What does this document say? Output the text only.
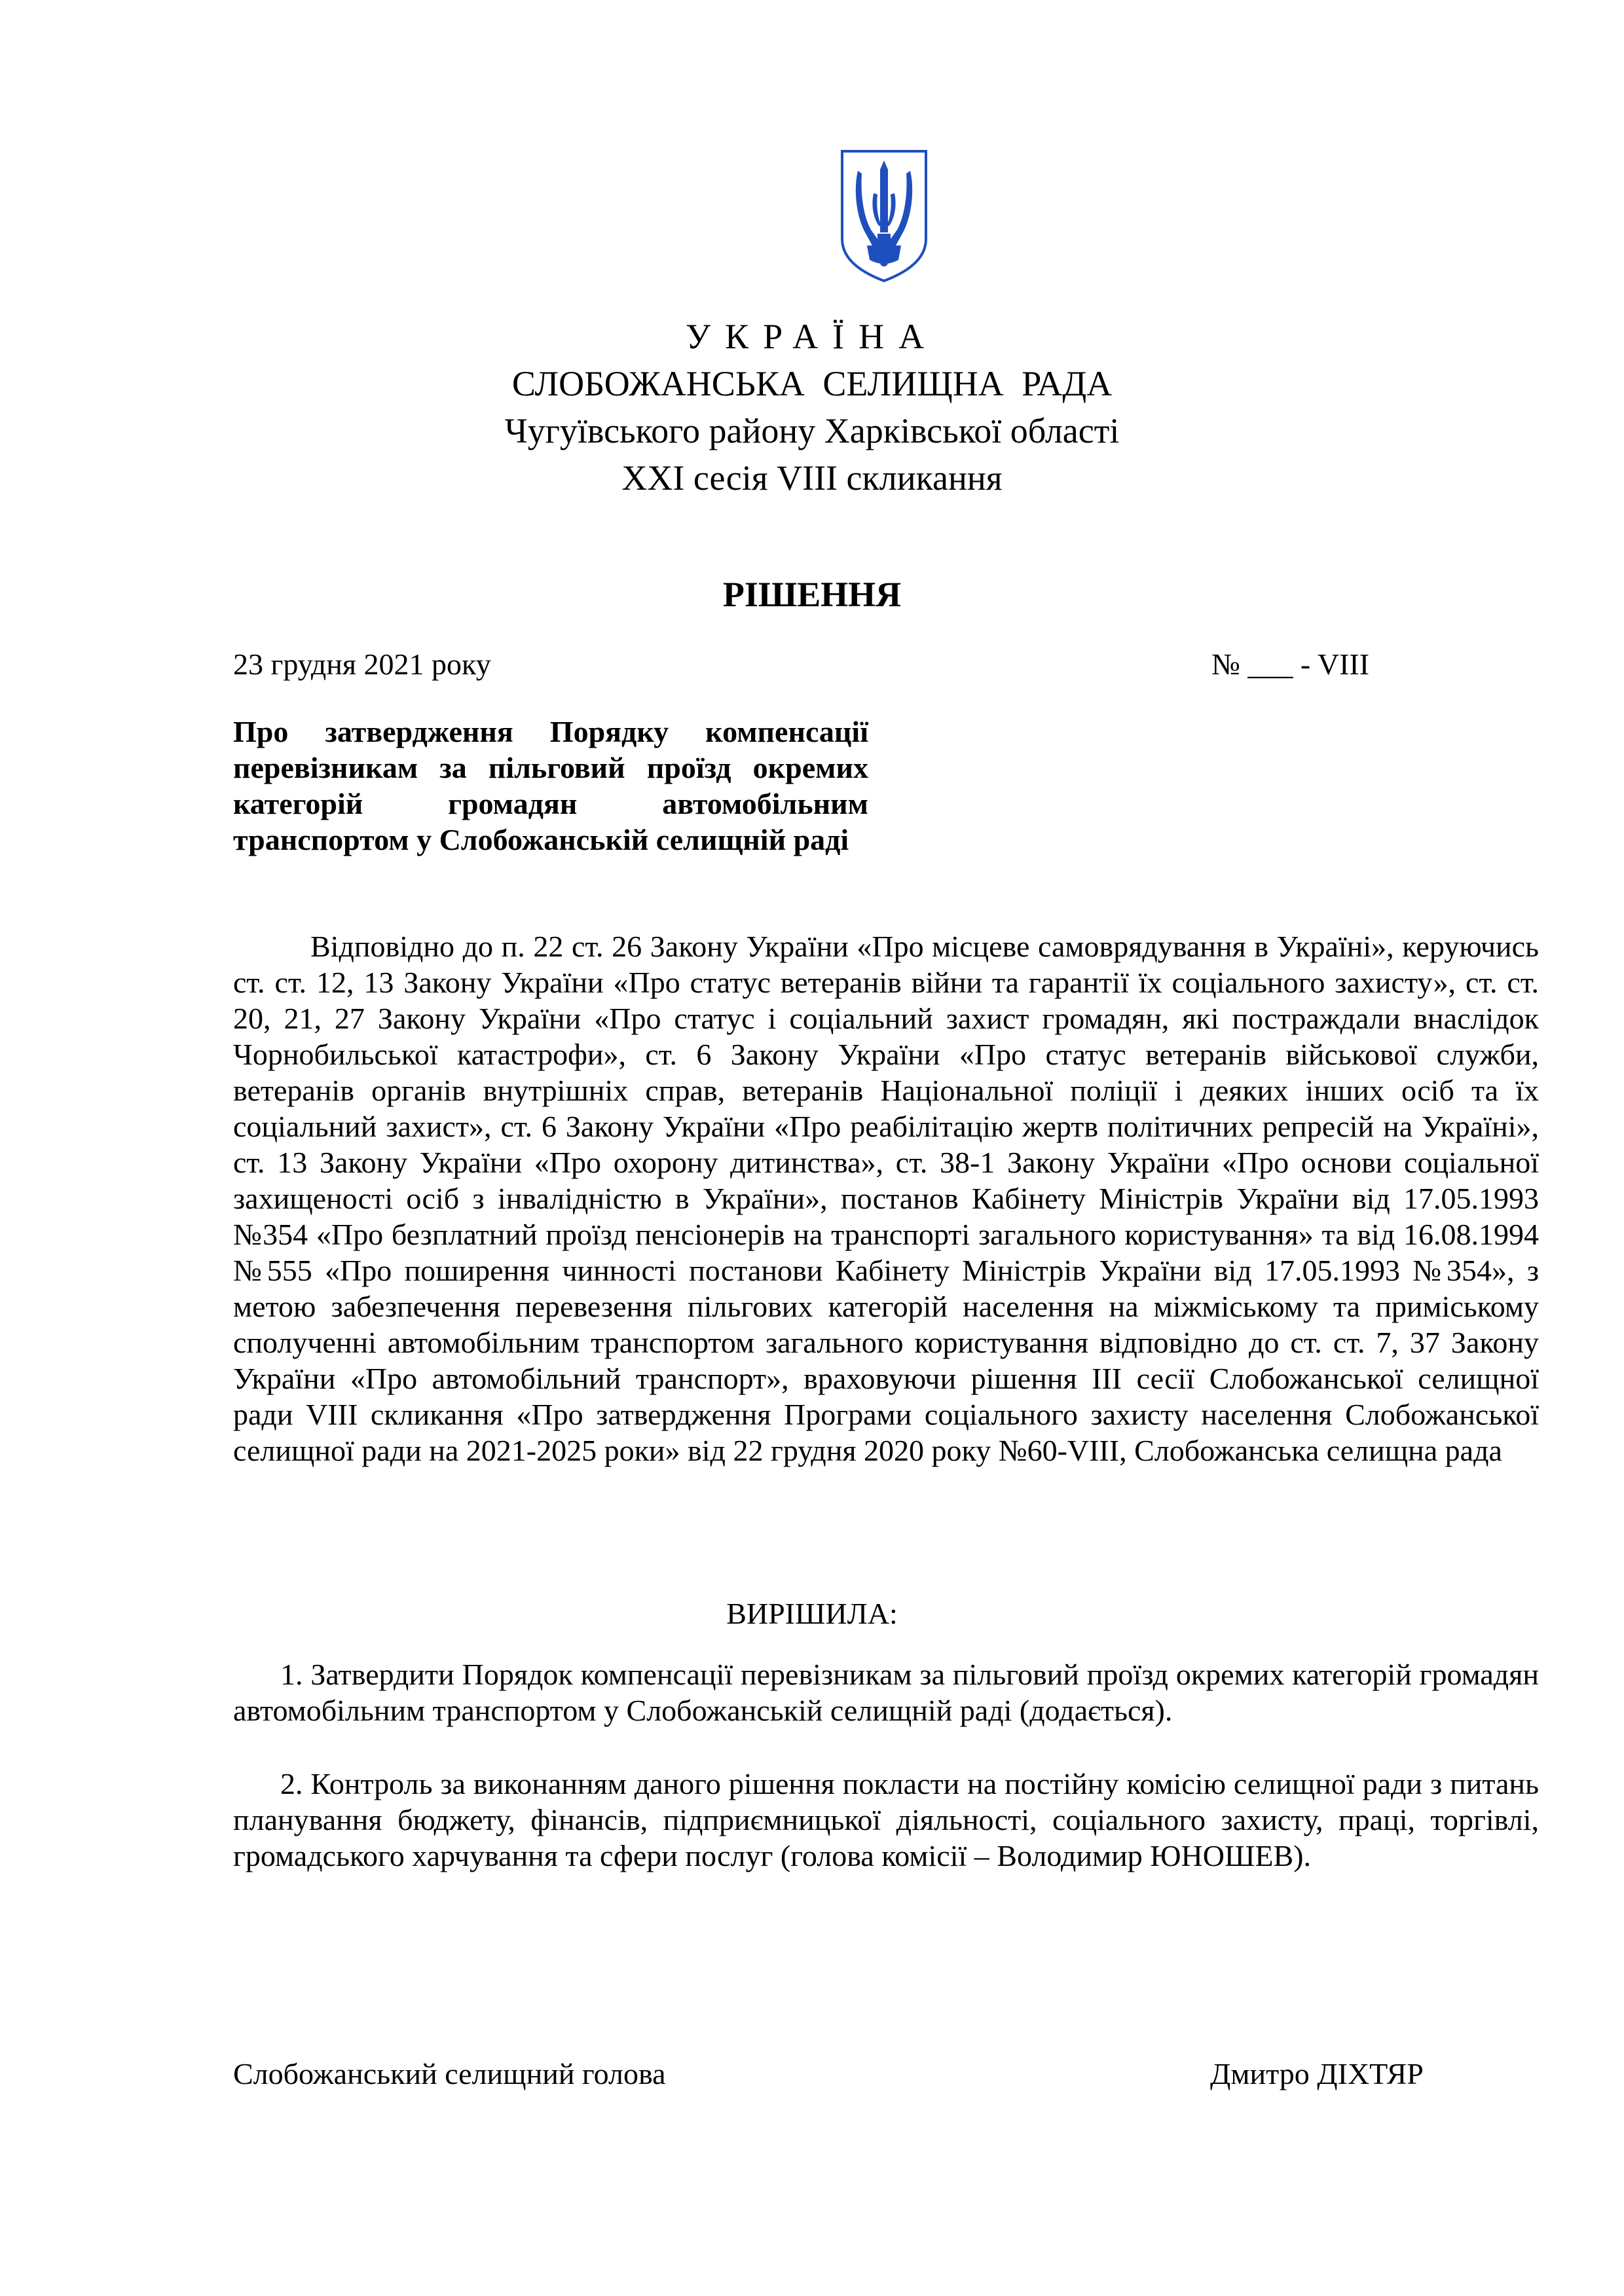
УКРАЇНА
СЛОБОЖАНСЬКА СЕЛИЩНА РАДА
Чугуївського району Харківської області
XXI сесія VIII скликання
РІШЕННЯ
23 грудня 2021 року	№ ___ - VIII
Про затвердження Порядку компенсації перевізникам за пільговий проїзд окремих категорій громадян автомобільним транспортом у Слобожанській селищній раді

Відповідно до п. 22 ст. 26 Закону України «Про місцеве самоврядування в Україні», керуючись ст. ст. 12, 13 Закону України «Про статус ветеранів війни та гарантії їх соціального захисту», ст. ст. 20, 21, 27 Закону України «Про статус і соціальний захист громадян, які постраждали внаслідок Чорнобильської катастрофи», ст. 6 Закону України «Про статус ветеранів військової служби, ветеранів органів внутрішніх справ, ветеранів Національної поліції і деяких інших осіб та їх соціальний захист», ст. 6 Закону України «Про реабілітацію жертв політичних репресій на Україні», ст. 13 Закону України «Про охорону дитинства», ст. 38-1 Закону України «Про основи соціальної захищеності осіб з інвалідністю в України», постанов Кабінету Міністрів України від 17.05.1993 №354 «Про безплатний проїзд пенсіонерів на транспорті загального користування» та від 16.08.1994 №555 «Про поширення чинності постанови Кабінету Міністрів України від 17.05.1993 №354», з метою забезпечення перевезення пільгових категорій населення на міжміському та приміському сполученні автомобільним транспортом загального користування відповідно до ст. ст. 7, 37 Закону України «Про автомобільний транспорт», враховуючи рішення ІІІ сесії Слобожанської селищної ради VIII скликання «Про затвердження Програми соціального захисту населення Слобожанської селищної ради на 2021-2025 роки» від 22 грудня 2020 року №60-VIII, Слобожанська селищна рада

ВИРІШИЛА:

1. Затвердити Порядок компенсації перевізникам за пільговий проїзд окремих категорій громадян автомобільним транспортом у Слобожанській селищній раді (додається).

2. Контроль за виконанням даного рішення покласти на постійну комісію селищної ради з питань планування бюджету, фінансів, підприємницької діяльності, соціального захисту, праці, торгівлі, громадського харчування та сфери послуг (голова комісії – Володимир ЮНОШЕВ).

Слобожанський селищний голова	Дмитро ДІХТЯР
